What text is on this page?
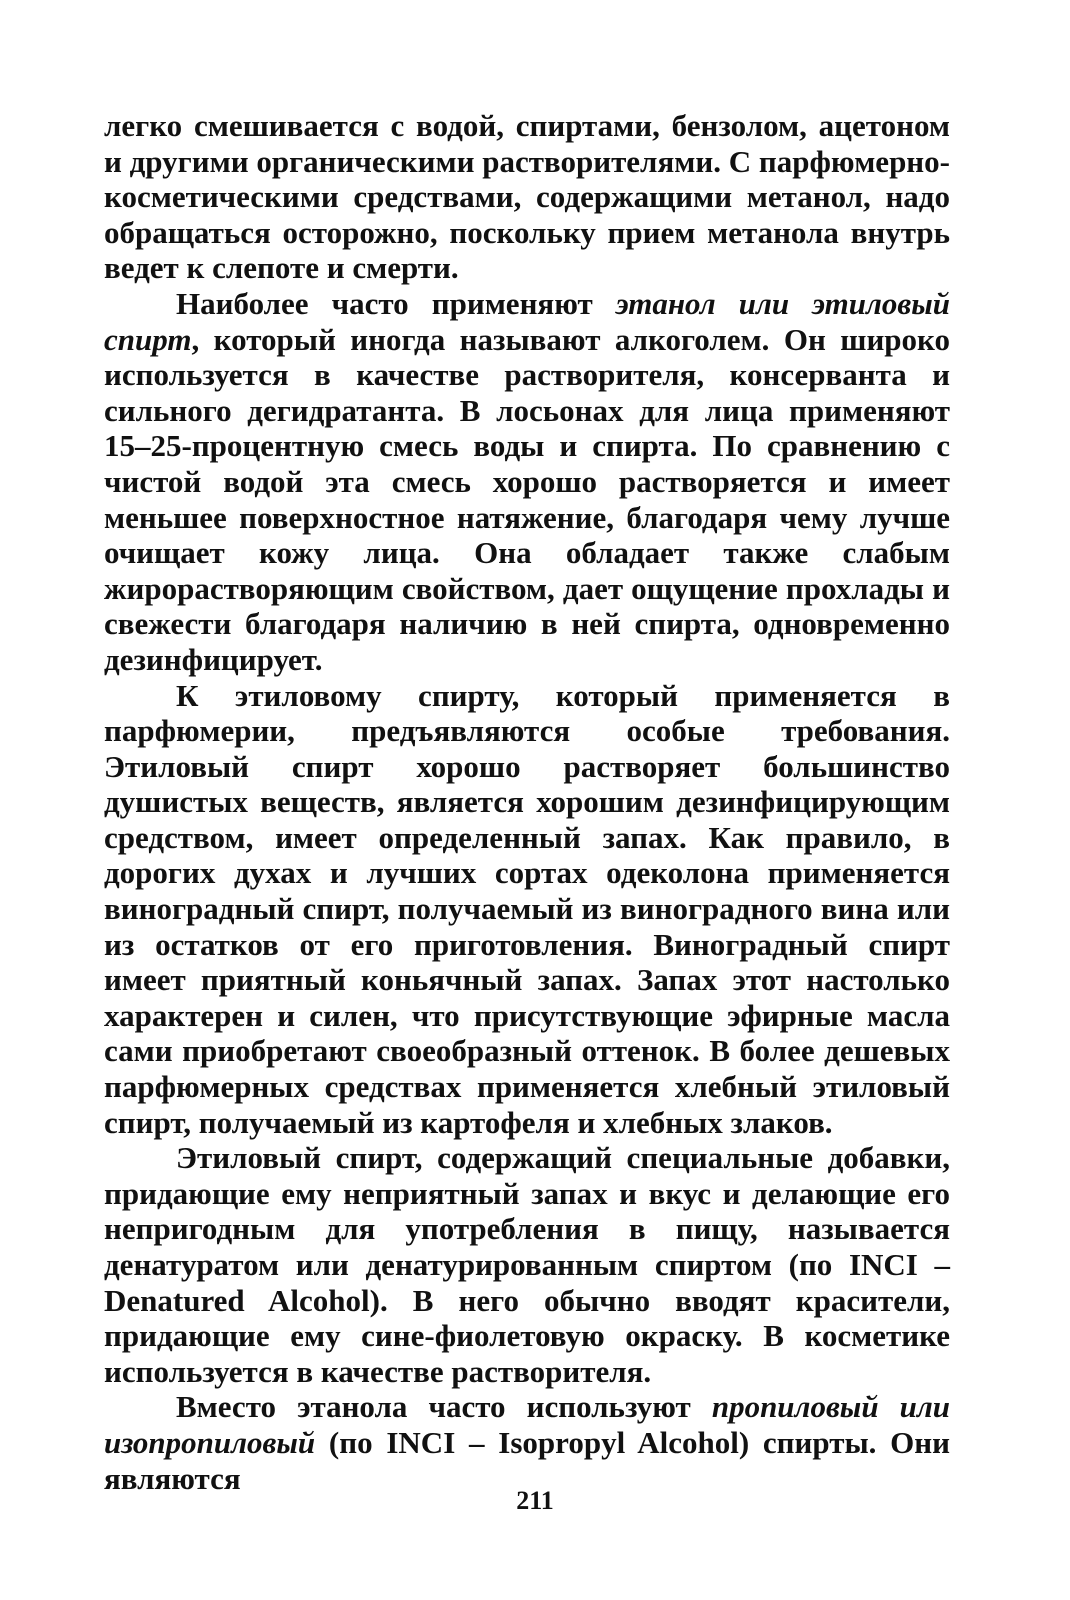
легко смешивается с водой, спиртами, бензолом, ацетоном и другими органическими растворителями. С парфюмерно-косметическими средствами, содержащими метанол, надо обращаться осторожно, поскольку прием метанола внутрь ведет к слепоте и смерти.

Наиболее часто применяют этанол или этиловый спирт, который иногда называют алкоголем. Он широко используется в качестве растворителя, консерванта и сильного дегидратанта. В лосьонах для лица применяют 15–25-процентную смесь воды и спирта. По сравнению с чистой водой эта смесь хорошо растворяется и имеет меньшее поверхностное натяжение, благодаря чему лучше очищает кожу лица. Она обладает также слабым жирорастворяющим свойством, дает ощущение прохлады и свежести благодаря наличию в ней спирта, одновременно дезинфицирует.

К этиловому спирту, который применяется в парфюмерии, предъявляются особые требования. Этиловый спирт хорошо растворяет большинство душистых веществ, является хорошим дезинфицирующим средством, имеет определенный запах. Как правило, в дорогих духах и лучших сортах одеколона применяется виноградный спирт, получаемый из виноградного вина или из остатков от его приготовления. Виноградный спирт имеет приятный коньячный запах. Запах этот настолько характерен и силен, что присутствующие эфирные масла сами приобретают своеобразный оттенок. В более дешевых парфюмерных средствах применяется хлебный этиловый спирт, получаемый из картофеля и хлебных злаков.

Этиловый спирт, содержащий специальные добавки, придающие ему неприятный запах и вкус и делающие его непригодным для употребления в пищу, называется денатуратом или денатурированным спиртом (по INCI – Denatured Alcohol). В него обычно вводят красители, придающие ему сине-фиолетовую окраску. В косметике используется в качестве растворителя.

Вместо этанола часто используют пропиловый или изопропиловый (по INCI – Isopropyl Alcohol) спирты. Они являются

211
